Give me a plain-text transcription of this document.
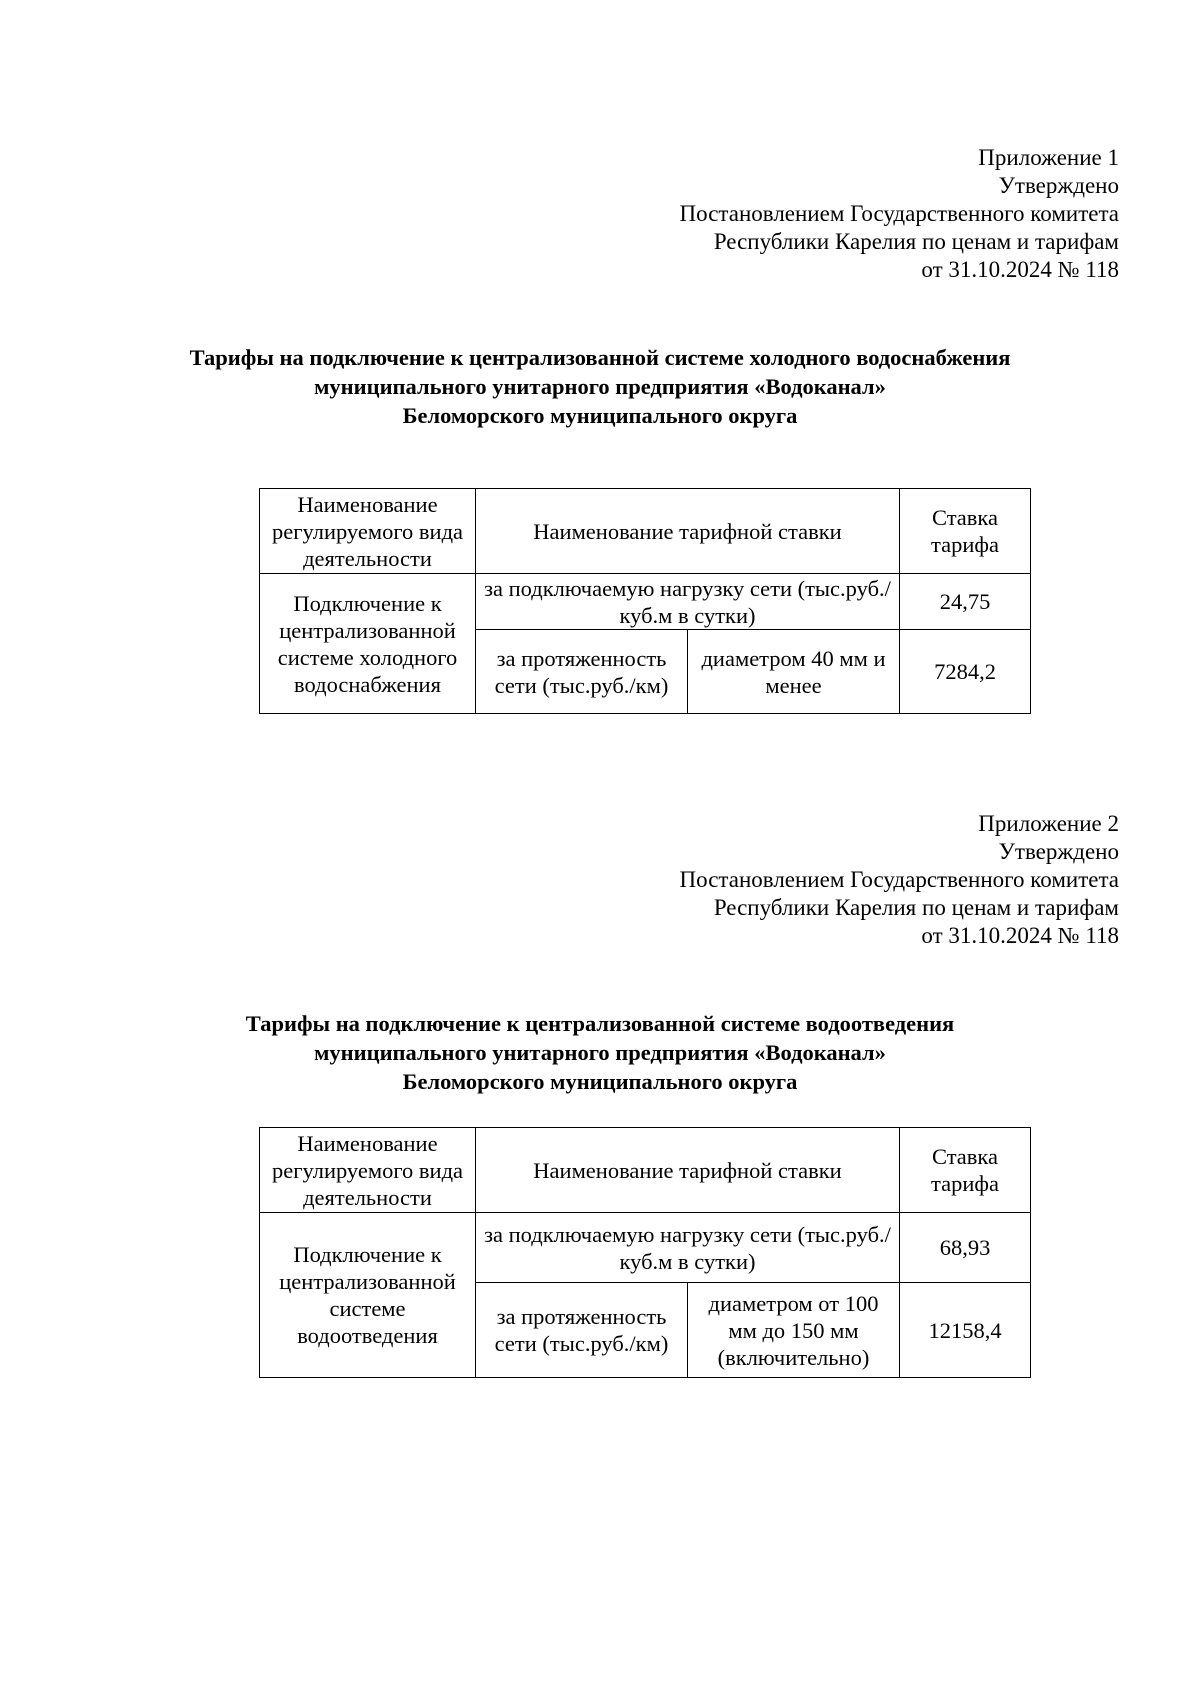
Приложение 1
Утверждено
Постановлением Государственного комитета
Республики Карелия по ценам и тарифам
от 31.10.2024 № 118
Тарифы на подключение к централизованной системе холодного водоснабжения
муниципального унитарного предприятия «Водоканал»
Беломорского муниципального округа
Наименование регулируемого вида деятельности	Наименование тарифной ставки		Ставка тарифа
Подключение к централизованной системе холодного водоснабжения	за подключаемую нагрузку сети (тыс.руб./куб.м в сутки)		24,75
	за протяженность сети (тыс.руб./км)	диаметром 40 мм и менее	7284,2
Приложение 2
Утверждено
Постановлением Государственного комитета
Республики Карелия по ценам и тарифам
от 31.10.2024 № 118
Тарифы на подключение к централизованной системе водоотведения
муниципального унитарного предприятия «Водоканал»
Беломорского муниципального округа
Наименование регулируемого вида деятельности	Наименование тарифной ставки		Ставка тарифа
Подключение к централизованной системе водоотведения	за подключаемую нагрузку сети (тыс.руб./куб.м в сутки)		68,93
	за протяженность сети (тыс.руб./км)	диаметром от 100 мм до 150 мм (включительно)	12158,4
